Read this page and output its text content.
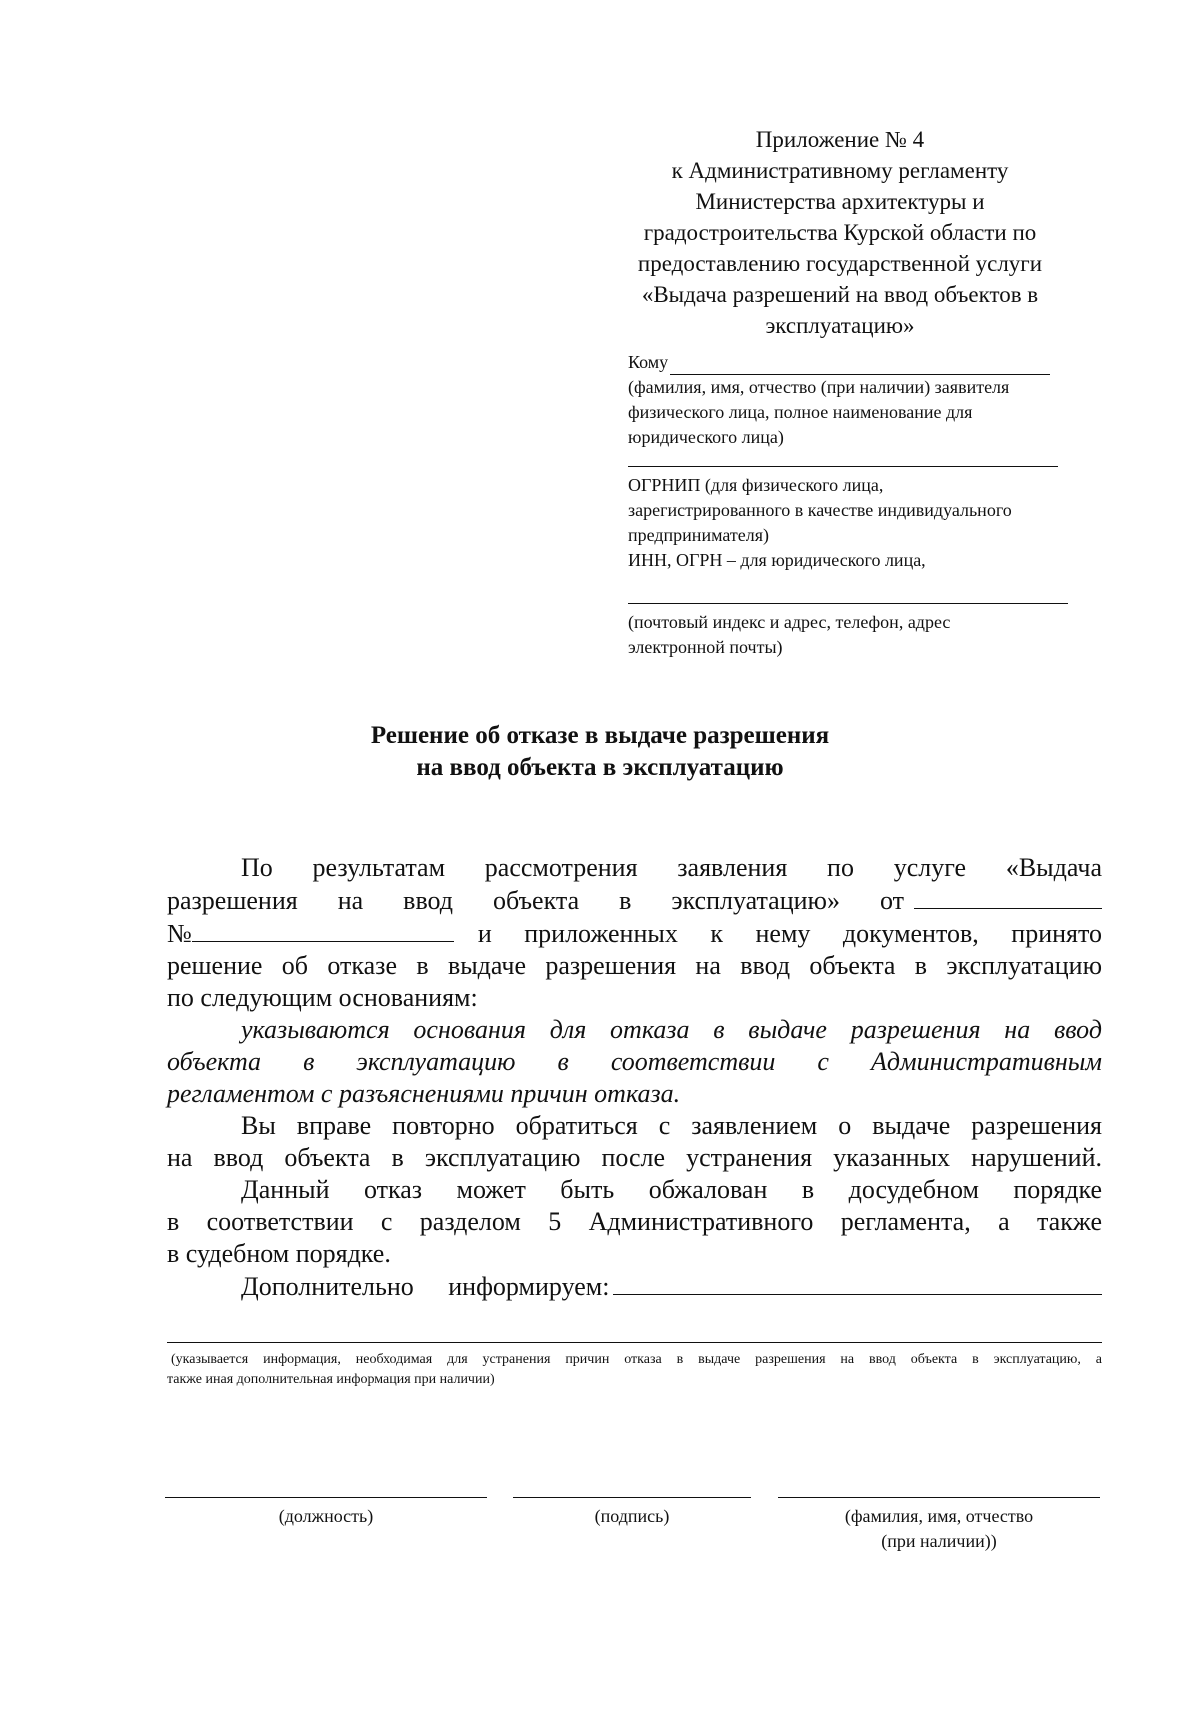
Приложение № 4
к Административному регламенту
Министерства архитектуры и
градостроительства Курской области по
предоставлению государственной услуги
«Выдача разрешений на ввод объектов в
эксплуатацию»
Кому
(фамилия, имя, отчество (при наличии) заявителя
физического лица, полное наименование для
юридического лица)
ОГРНИП (для физического лица,
зарегистрированного в качестве индивидуального
предпринимателя)
ИНН, ОГРН – для юридического лица,
(почтовый индекс и адрес, телефон, адрес
электронной почты)
Решение об отказе в выдаче разрешения
на ввод объекта в эксплуатацию
По результатам рассмотрения заявления по услуге «Выдача
разрешения на ввод объекта в эксплуатацию» от
№	и приложенных к нему документов, принято
решение об отказе в выдаче разрешения на ввод объекта в эксплуатацию
по следующим основаниям:
указываются основания для отказа в выдаче разрешения на ввод
объекта в эксплуатацию в соответствии с Административным
регламентом с разъяснениями причин отказа.
Вы вправе повторно обратиться с заявлением о выдаче разрешения
на ввод объекта в эксплуатацию после устранения указанных нарушений.
Данный отказ может быть обжалован в досудебном порядке
в соответствии с разделом 5 Административного регламента, а также
в судебном порядке.
Дополнительно информируем:
(указывается информация, необходимая для устранения причин отказа в выдаче разрешения на ввод объекта в эксплуатацию, а
также иная дополнительная информация при наличии)
(должность)	(подпись)	(фамилия, имя, отчество
(при наличии))
